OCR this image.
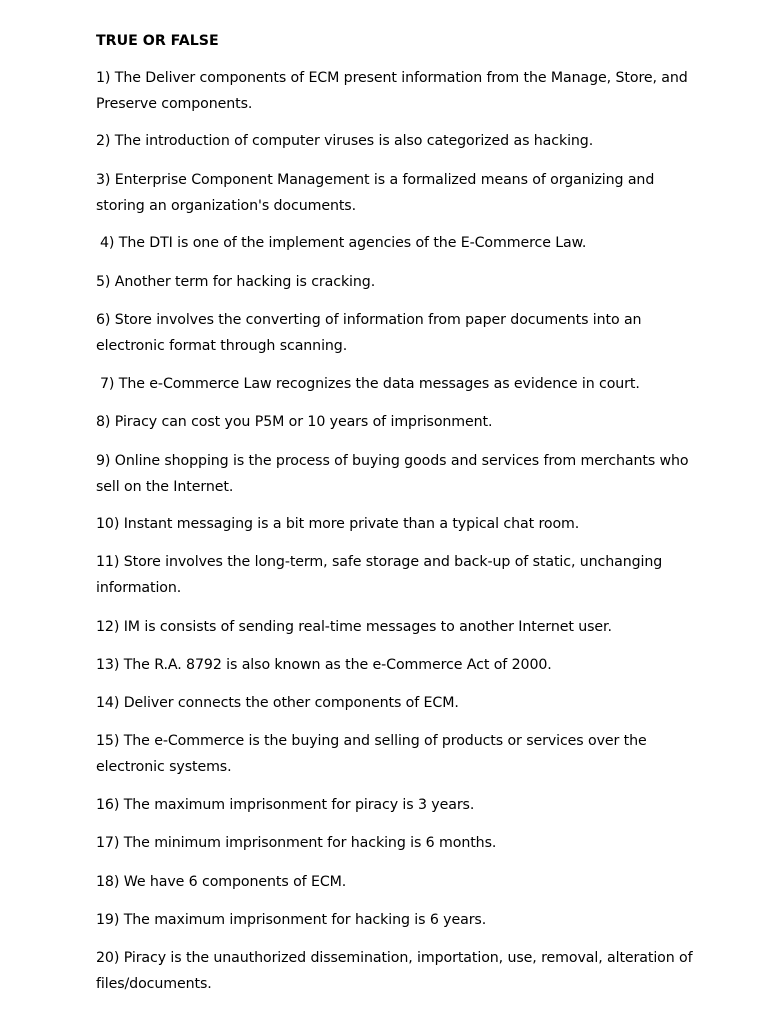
TRUE OR FALSE

1) The Deliver components of ECM present information from the Manage, Store, and Preserve components.

2) The introduction of computer viruses is also categorized as hacking.

3) Enterprise Component Management is a formalized means of organizing and storing an organization's documents.

4) The DTI is one of the implement agencies of the E-Commerce Law.

5) Another term for hacking is cracking.

6) Store involves the converting of information from paper documents into an electronic format through scanning.

7) The e-Commerce Law recognizes the data messages as evidence in court.

8) Piracy can cost you P5M or 10 years of imprisonment.

9) Online shopping is the process of buying goods and services from merchants who sell on the Internet.

10) Instant messaging is a bit more private than a typical chat room.

11) Store involves the long-term, safe storage and back-up of static, unchanging information.

12) IM is consists of sending real-time messages to another Internet user.

13) The R.A. 8792 is also known as the e-Commerce Act of 2000.

14) Deliver connects the other components of ECM.

15) The e-Commerce is the buying and selling of products or services over the electronic systems.

16) The maximum imprisonment for piracy is 3 years.

17) The minimum imprisonment for hacking is 6 months.

18) We have 6 components of ECM.

19) The maximum imprisonment for hacking is 6 years.

20) Piracy is the unauthorized dissemination, importation, use, removal, alteration of files/documents.
